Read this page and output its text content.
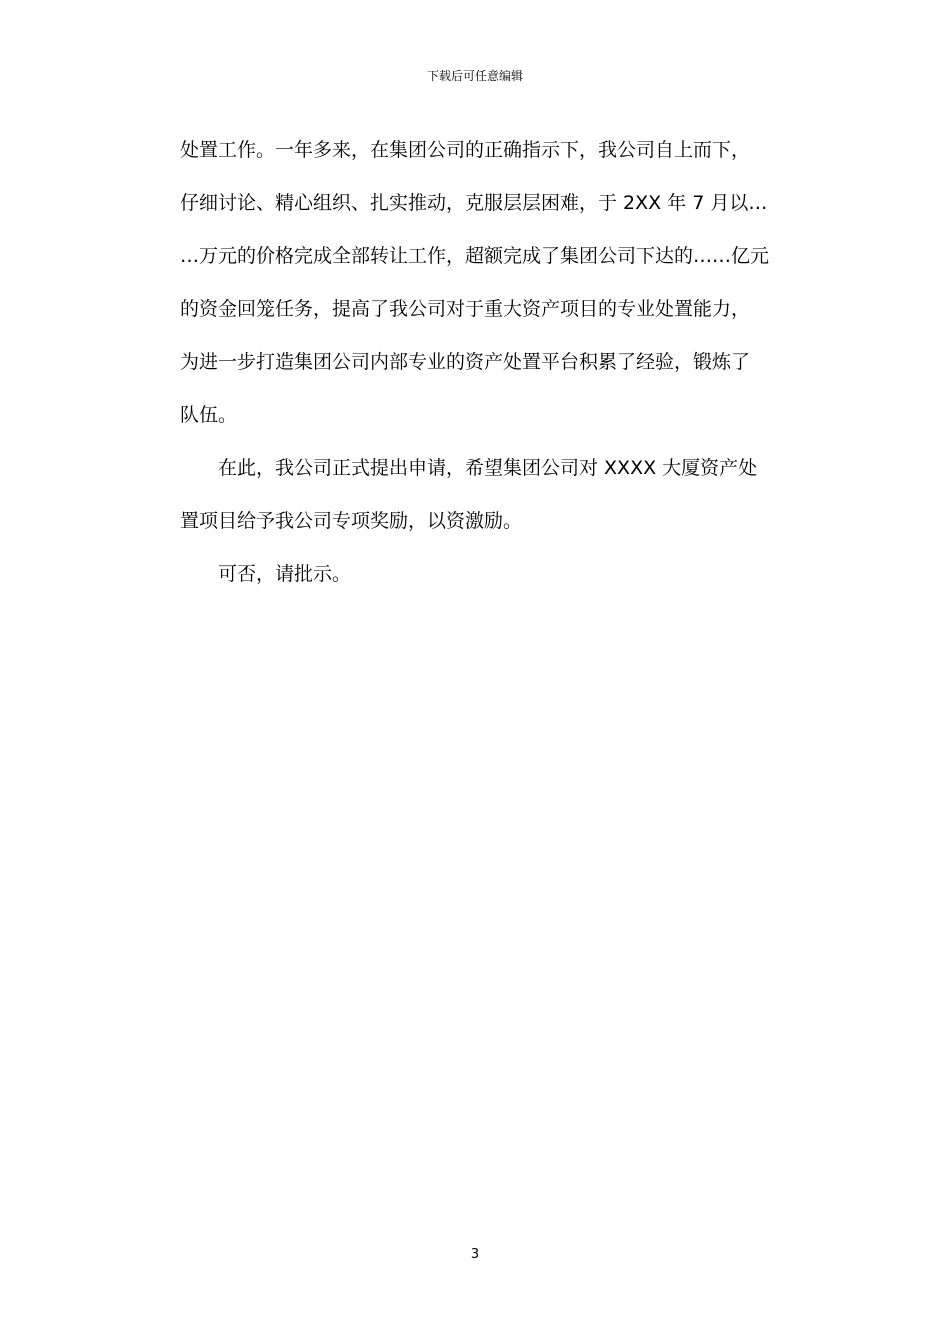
下载后可任意编辑
处置工作。一年多来，在集团公司的正确指示下，我公司自上而下，
仔细讨论、精心组织、扎实推动，克服层层困难，于 2XX 年 7 月以…
…万元的价格完成全部转让工作，超额完成了集团公司下达的……亿元
的资金回笼任务，提高了我公司对于重大资产项目的专业处置能力，
为进一步打造集团公司内部专业的资产处置平台积累了经验，锻炼了
队伍。
在此，我公司正式提出申请，希望集团公司对 XXXX 大厦资产处
置项目给予我公司专项奖励，以资激励。
可否，请批示。
3
